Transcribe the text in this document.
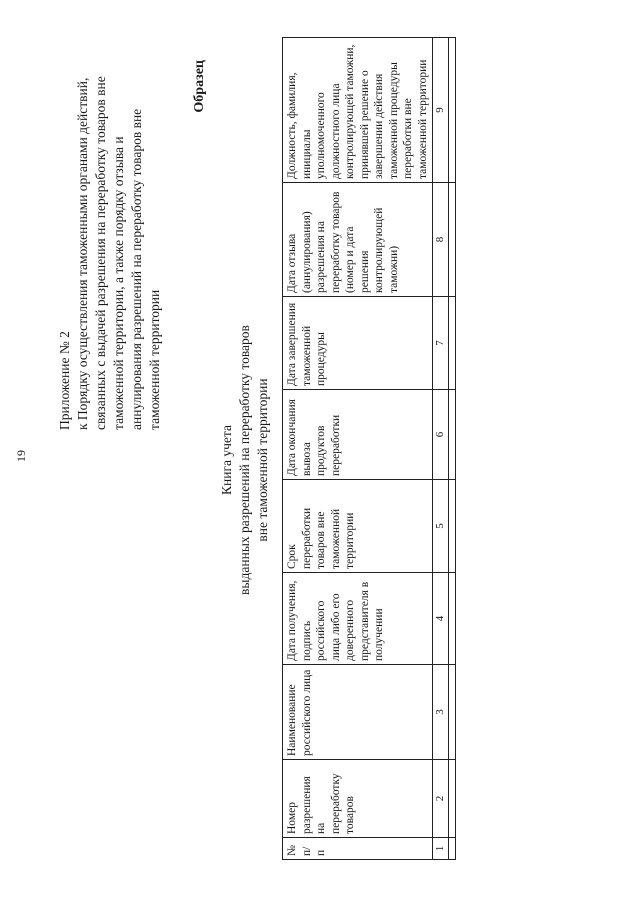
19
Приложение № 2 к Порядку осуществления таможенными органами действий, связанных с выдачей разрешения на переработку товаров вне таможенной территории, а также порядку отзыва и аннулирования разрешений на переработку товаров вне таможенной территории
Образец
Книга учета выданных разрешений на переработку товаров вне таможенной территории
№ п/п	Номер разрешения на переработку товаров	Наименование российского лица	Дата получения, подпись российского лица либо его доверенного представителя в получении	Срок переработки товаров вне таможенной территории	Дата окончания вывоза продуктов переработки	Дата завершения таможенной процедуры	Дата отзыва (аннулирования) разрешения на переработку товаров (номер и дата решения контролирующей таможни)	Должность, фамилия, инициалы уполномоченного должностного лица контролирующей таможни, принявшей решение о завершении действия таможенной процедуры переработки вне таможенной территории
1	2	3	4	5	6	7	8	9
